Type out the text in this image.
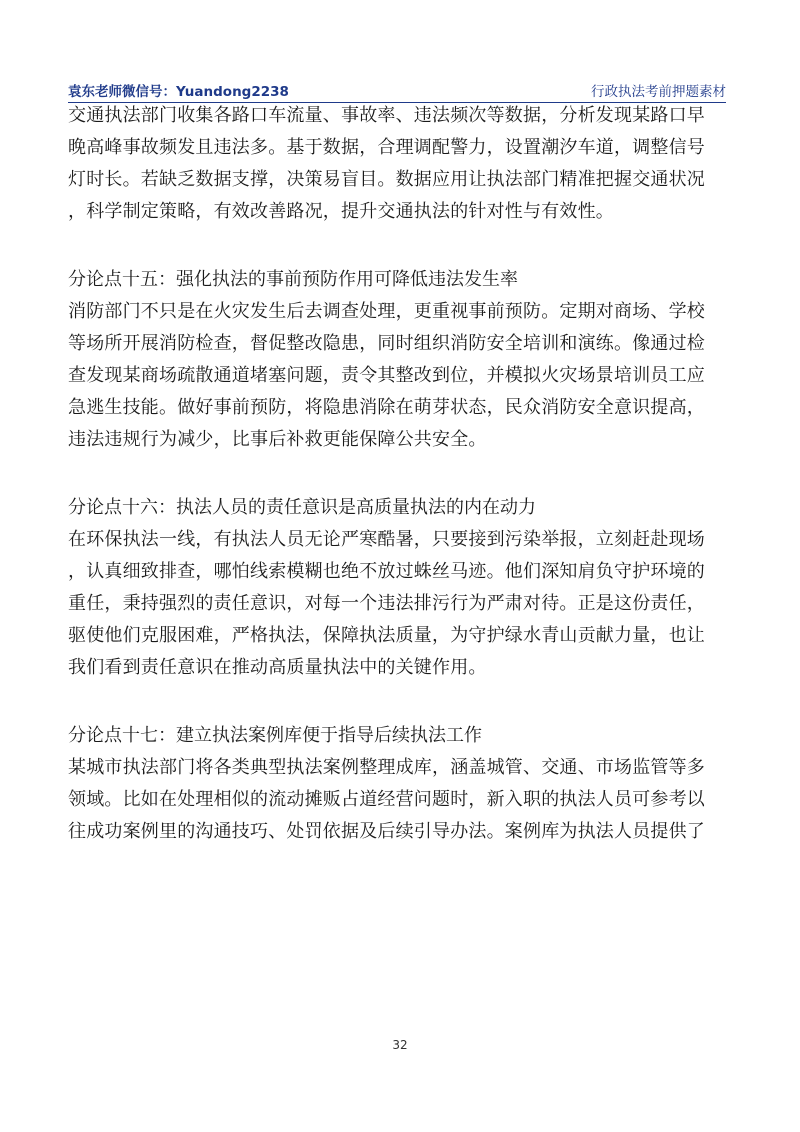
袁东老师微信号：Yuandong2238	行政执法考前押题素材

交通执法部门收集各路口车流量、事故率、违法频次等数据，分析发现某路口早
晚高峰事故频发且违法多。基于数据，合理调配警力，设置潮汐车道，调整信号
灯时长。若缺乏数据支撑，决策易盲目。数据应用让执法部门精准把握交通状况
，科学制定策略，有效改善路况，提升交通执法的针对性与有效性。

分论点十五：强化执法的事前预防作用可降低违法发生率

消防部门不只是在火灾发生后去调查处理，更重视事前预防。定期对商场、学校
等场所开展消防检查，督促整改隐患，同时组织消防安全培训和演练。像通过检
查发现某商场疏散通道堵塞问题，责令其整改到位，并模拟火灾场景培训员工应
急逃生技能。做好事前预防，将隐患消除在萌芽状态，民众消防安全意识提高，
违法违规行为减少，比事后补救更能保障公共安全。

分论点十六：执法人员的责任意识是高质量执法的内在动力

在环保执法一线，有执法人员无论严寒酷暑，只要接到污染举报，立刻赶赴现场
，认真细致排查，哪怕线索模糊也绝不放过蛛丝马迹。他们深知肩负守护环境的
重任，秉持强烈的责任意识，对每一个违法排污行为严肃对待。正是这份责任，
驱使他们克服困难，严格执法，保障执法质量，为守护绿水青山贡献力量，也让
我们看到责任意识在推动高质量执法中的关键作用。

分论点十七：建立执法案例库便于指导后续执法工作

某城市执法部门将各类典型执法案例整理成库，涵盖城管、交通、市场监管等多
领域。比如在处理相似的流动摊贩占道经营问题时，新入职的执法人员可参考以
往成功案例里的沟通技巧、处罚依据及后续引导办法。案例库为执法人员提供了

32
